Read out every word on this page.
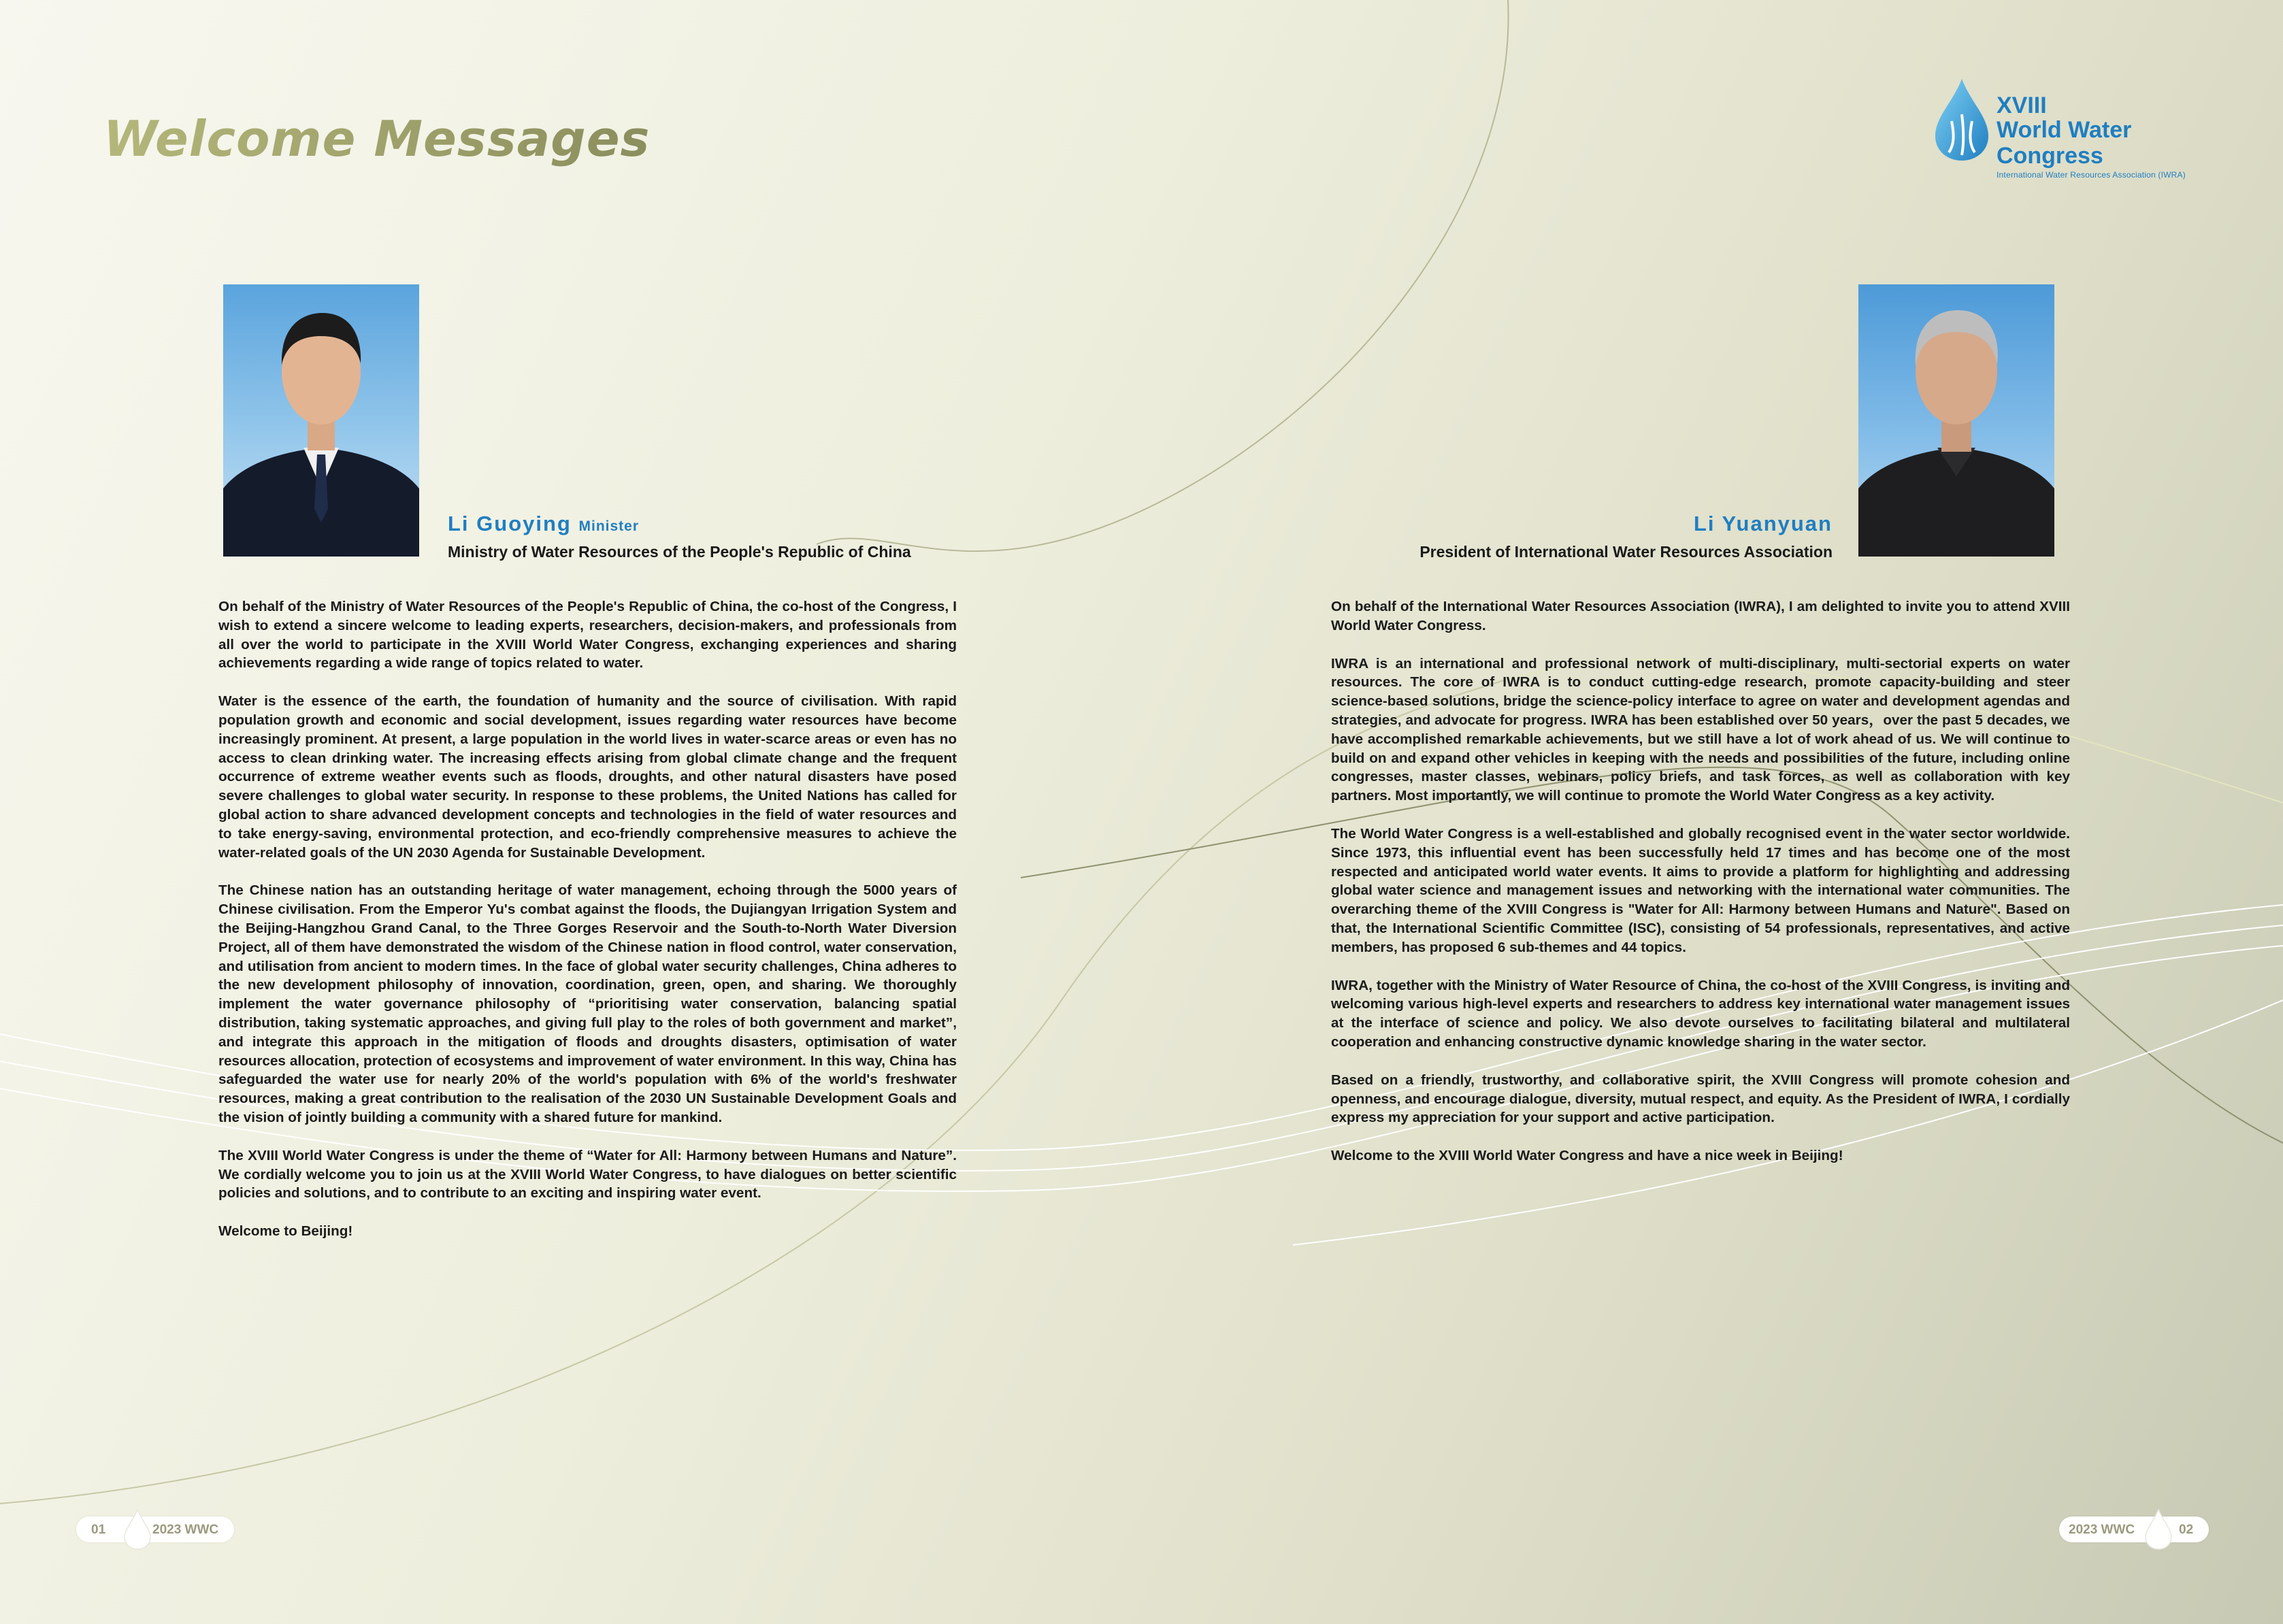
Welcome Messages
XVIII
World Water Congress
International Water Resources Association (IWRA)
Li Guoying Minister
Ministry of Water Resources of the People's Republic of China
Li Yuanyuan
President of International Water Resources Association

On behalf of the Ministry of Water Resources of the People's Republic of China, the co-host of the Congress, I wish to extend a sincere welcome to leading experts, researchers, decision-makers, and professionals from all over the world to participate in the XVIII World Water Congress, exchanging experiences and sharing achievements regarding a wide range of topics related to water.

Water is the essence of the earth, the foundation of humanity and the source of civilisation. With rapid population growth and economic and social development, issues regarding water resources have become increasingly prominent. At present, a large population in the world lives in water-scarce areas or even has no access to clean drinking water. The increasing effects arising from global climate change and the frequent occurrence of extreme weather events such as floods, droughts, and other natural disasters have posed severe challenges to global water security. In response to these problems, the United Nations has called for global action to share advanced development concepts and technologies in the field of water resources and to take energy-saving, environmental protection, and eco-friendly comprehensive measures to achieve the water-related goals of the UN 2030 Agenda for Sustainable Development.

The Chinese nation has an outstanding heritage of water management, echoing through the 5000 years of Chinese civilisation. From the Emperor Yu's combat against the floods, the Dujiangyan Irrigation System and the Beijing-Hangzhou Grand Canal, to the Three Gorges Reservoir and the South-to-North Water Diversion Project, all of them have demonstrated the wisdom of the Chinese nation in flood control, water conservation, and utilisation from ancient to modern times. In the face of global water security challenges, China adheres to the new development philosophy of innovation, coordination, green, open, and sharing. We thoroughly implement the water governance philosophy of “prioritising water conservation, balancing spatial distribution, taking systematic approaches, and giving full play to the roles of both government and market”, and integrate this approach in the mitigation of floods and droughts disasters, optimisation of water resources allocation, protection of ecosystems and improvement of water environment. In this way, China has safeguarded the water use for nearly 20% of the world's population with 6% of the world's freshwater resources, making a great contribution to the realisation of the 2030 UN Sustainable Development Goals and the vision of jointly building a community with a shared future for mankind.

The XVIII World Water Congress is under the theme of “Water for All: Harmony between Humans and Nature”. We cordially welcome you to join us at the XVIII World Water Congress, to have dialogues on better scientific policies and solutions, and to contribute to an exciting and inspiring water event.

Welcome to Beijing!

On behalf of the International Water Resources Association (IWRA), I am delighted to invite you to attend XVIII World Water Congress.

IWRA is an international and professional network of multi-disciplinary, multi-sectorial experts on water resources. The core of IWRA is to conduct cutting-edge research, promote capacity-building and steer science-based solutions, bridge the science-policy interface to agree on water and development agendas and strategies, and advocate for progress. IWRA has been established over 50 years，over the past 5 decades, we have accomplished remarkable achievements, but we still have a lot of work ahead of us. We will continue to build on and expand other vehicles in keeping with the needs and possibilities of the future, including online congresses, master classes, webinars, policy briefs, and task forces, as well as collaboration with key partners. Most importantly, we will continue to promote the World Water Congress as a key activity.

The World Water Congress is a well-established and globally recognised event in the water sector worldwide. Since 1973, this influential event has been successfully held 17 times and has become one of the most respected and anticipated world water events. It aims to provide a platform for highlighting and addressing global water science and management issues and networking with the international water communities. The overarching theme of the XVIII Congress is "Water for All: Harmony between Humans and Nature". Based on that, the International Scientific Committee (ISC), consisting of 54 professionals, representatives, and active members, has proposed 6 sub-themes and 44 topics.

IWRA, together with the Ministry of Water Resource of China, the co-host of the XVIII Congress, is inviting and welcoming various high-level experts and researchers to address key international water management issues at the interface of science and policy. We also devote ourselves to facilitating bilateral and multilateral cooperation and enhancing constructive dynamic knowledge sharing in the water sector.

Based on a friendly, trustworthy, and collaborative spirit, the XVIII Congress will promote cohesion and openness, and encourage dialogue, diversity, mutual respect, and equity. As the President of IWRA, I cordially express my appreciation for your support and active participation.

Welcome to the XVIII World Water Congress and have a nice week in Beijing!

01	2023 WWC	2023 WWC	02
